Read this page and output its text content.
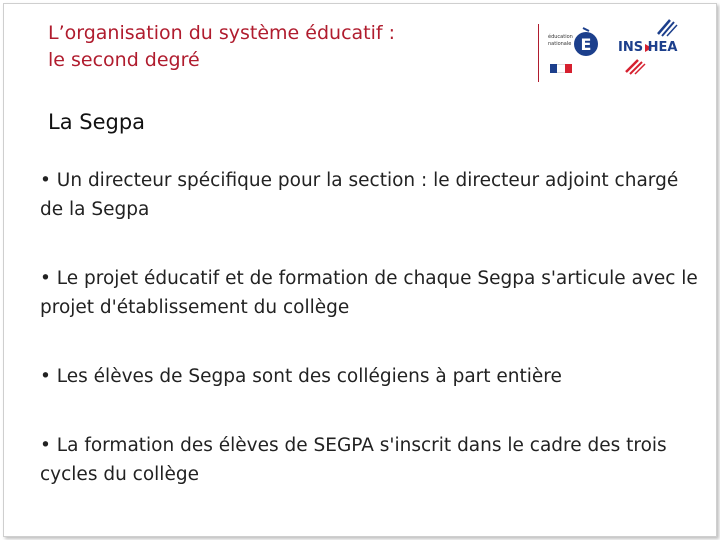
L’organisation du système éducatif :
le second degré
éducation nationale E INS HEA
La Segpa
• Un directeur spécifique pour la section : le directeur adjoint chargé de la Segpa
• Le projet éducatif et de formation de chaque Segpa s'articule avec le projet d'établissement du collège
• Les élèves de Segpa sont des collégiens à part entière
• La formation des élèves de SEGPA s'inscrit dans le cadre des trois cycles du collège
